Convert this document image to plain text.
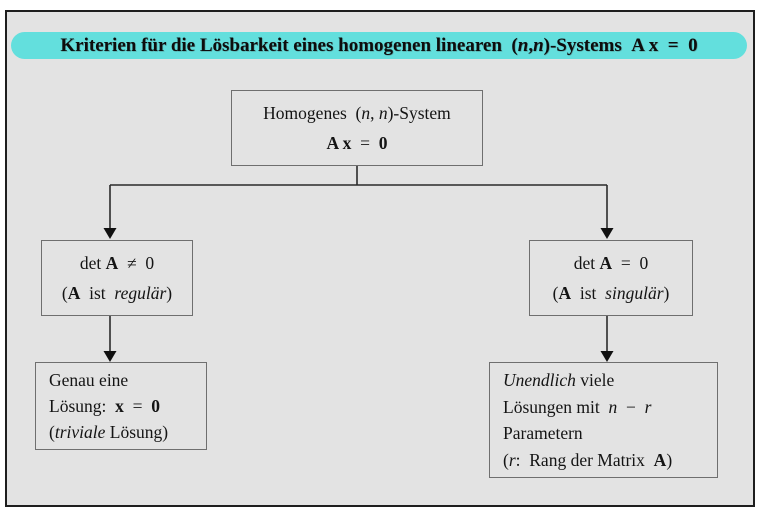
Kriterien für die Lösbarkeit eines homogenen linearen ( n , n )-Systems A x = 0
Homogenes (n, n)-System
A x = 0
det A ≠ 0
(A ist regulär)
det A = 0
(A ist singulär)
Genau eine
Lösung: x = 0
(triviale Lösung)
Unendlich viele
Lösungen mit n − r
Parametern
(r: Rang der Matrix A)
